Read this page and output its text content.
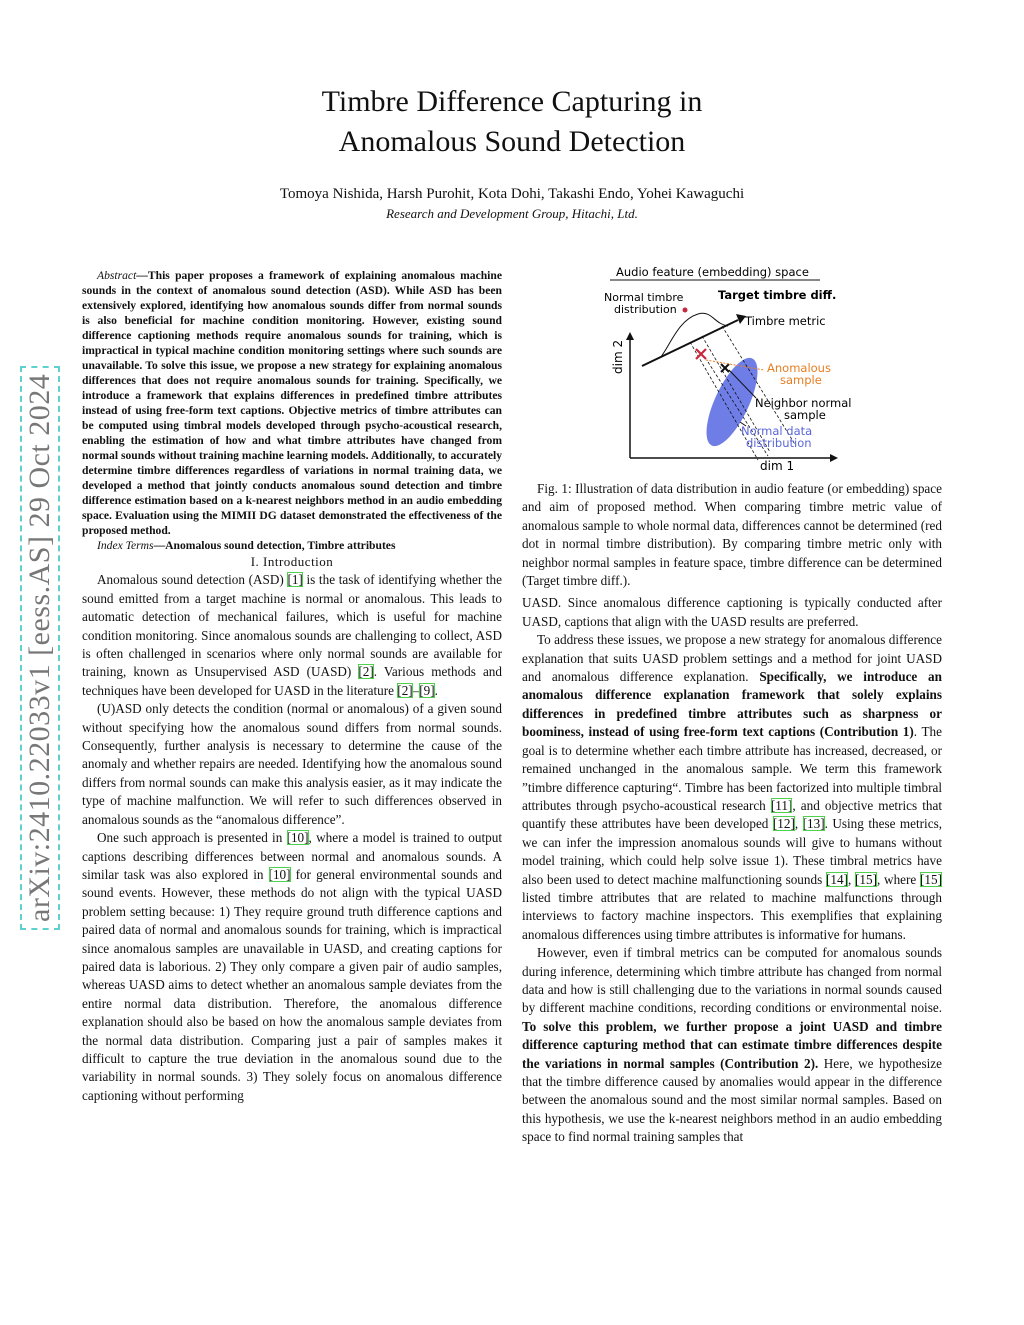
arXiv:2410.22033v1 [eess.AS] 29 Oct 2024
Timbre Difference Capturing in
Anomalous Sound Detection
Tomoya Nishida, Harsh Purohit, Kota Dohi, Takashi Endo, Yohei Kawaguchi
Research and Development Group, Hitachi, Ltd.

Abstract—This paper proposes a framework of explaining anomalous machine sounds in the context of anomalous sound detection (ASD). While ASD has been extensively explored, identifying how anomalous sounds differ from normal sounds is also beneficial for machine condition monitoring. However, existing sound difference captioning methods require anomalous sounds for training, which is impractical in typical machine condition monitoring settings where such sounds are unavailable. To solve this issue, we propose a new strategy for explaining anomalous differences that does not require anomalous sounds for training. Specifically, we introduce a framework that explains differences in predefined timbre attributes instead of using free-form text captions. Objective metrics of timbre attributes can be computed using timbral models developed through psycho-acoustical research, enabling the estimation of how and what timbre attributes have changed from normal sounds without training machine learning models. Additionally, to accurately determine timbre differences regardless of variations in normal training data, we developed a method that jointly conducts anomalous sound detection and timbre difference estimation based on a k-nearest neighbors method in an audio embedding space. Evaluation using the MIMII DG dataset demonstrated the effectiveness of the proposed method.

Index Terms—Anomalous sound detection, Timbre attributes

I. Introduction

Anomalous sound detection (ASD) [1] is the task of identifying whether the sound emitted from a target machine is normal or anomalous. This leads to automatic detection of mechanical failures, which is useful for machine condition monitoring. Since anomalous sounds are challenging to collect, ASD is often challenged in scenarios where only normal sounds are available for training, known as Unsupervised ASD (UASD) [2]. Various methods and techniques have been developed for UASD in the literature [2]–[9].

(U)ASD only detects the condition (normal or anomalous) of a given sound without specifying how the anomalous sound differs from normal sounds. Consequently, further analysis is necessary to determine the cause of the anomaly and whether repairs are needed. Identifying how the anomalous sound differs from normal sounds can make this analysis easier, as it may indicate the type of machine malfunction. We will refer to such differences observed in anomalous sounds as the “anomalous difference”.

One such approach is presented in [10], where a model is trained to output captions describing differences between normal and anomalous sounds. A similar task was also explored in [10] for general environmental sounds and sound events. However, these methods do not align with the typical UASD problem setting because: 1) They require ground truth difference captions and paired data of normal and anomalous sounds for training, which is impractical since anomalous samples are unavailable in UASD, and creating captions for paired data is laborious. 2) They only compare a given pair of audio samples, whereas UASD aims to detect whether an anomalous sample deviates from the entire normal data distribution. Therefore, the anomalous difference explanation should also be based on how the anomalous sample deviates from the normal data distribution. Comparing just a pair of samples makes it difficult to capture the true deviation in the anomalous sound due to the variability in normal sounds. 3) They solely focus on anomalous difference captioning without performing

Audio feature (embedding) space
dim 1
dim 2
Normal timbre
distribution
Target timbre diff.
Timbre metric
Anomalous
sample
Neighbor normal
sample
Normal data
distribution

Fig. 1: Illustration of data distribution in audio feature (or embedding) space and aim of proposed method. When comparing timbre metric value of anomalous sample to whole normal data, differences cannot be determined (red dot in normal timbre distribution). By comparing timbre metric only with neighbor normal samples in feature space, timbre difference can be determined (Target timbre diff.).

UASD. Since anomalous difference captioning is typically conducted after UASD, captions that align with the UASD results are preferred.

To address these issues, we propose a new strategy for anomalous difference explanation that suits UASD problem settings and a method for joint UASD and anomalous difference explanation. Specifically, we introduce an anomalous difference explanation framework that solely explains differences in predefined timbre attributes such as sharpness or boominess, instead of using free-form text captions (Contribution 1). The goal is to determine whether each timbre attribute has increased, decreased, or remained unchanged in the anomalous sample. We term this framework ”timbre difference capturing“. Timbre has been factorized into multiple timbral attributes through psycho-acoustical research [11], and objective metrics that quantify these attributes have been developed [12], [13]. Using these metrics, we can infer the impression anomalous sounds will give to humans without model training, which could help solve issue 1). These timbral metrics have also been used to detect machine malfunctioning sounds [14], [15], where [15] listed timbre attributes that are related to machine malfunctions through interviews to factory machine inspectors. This exemplifies that explaining anomalous differences using timbre attributes is informative for humans.

However, even if timbral metrics can be computed for anomalous sounds during inference, determining which timbre attribute has changed from normal data and how is still challenging due to the variations in normal sounds caused by different machine conditions, recording conditions or environmental noise. To solve this problem, we further propose a joint UASD and timbre difference capturing method that can estimate timbre differences despite the variations in normal samples (Contribution 2). Here, we hypothesize that the timbre difference caused by anomalies would appear in the difference between the anomalous sound and the most similar normal samples. Based on this hypothesis, we use the k-nearest neighbors method in an audio embedding space to find normal training samples that
